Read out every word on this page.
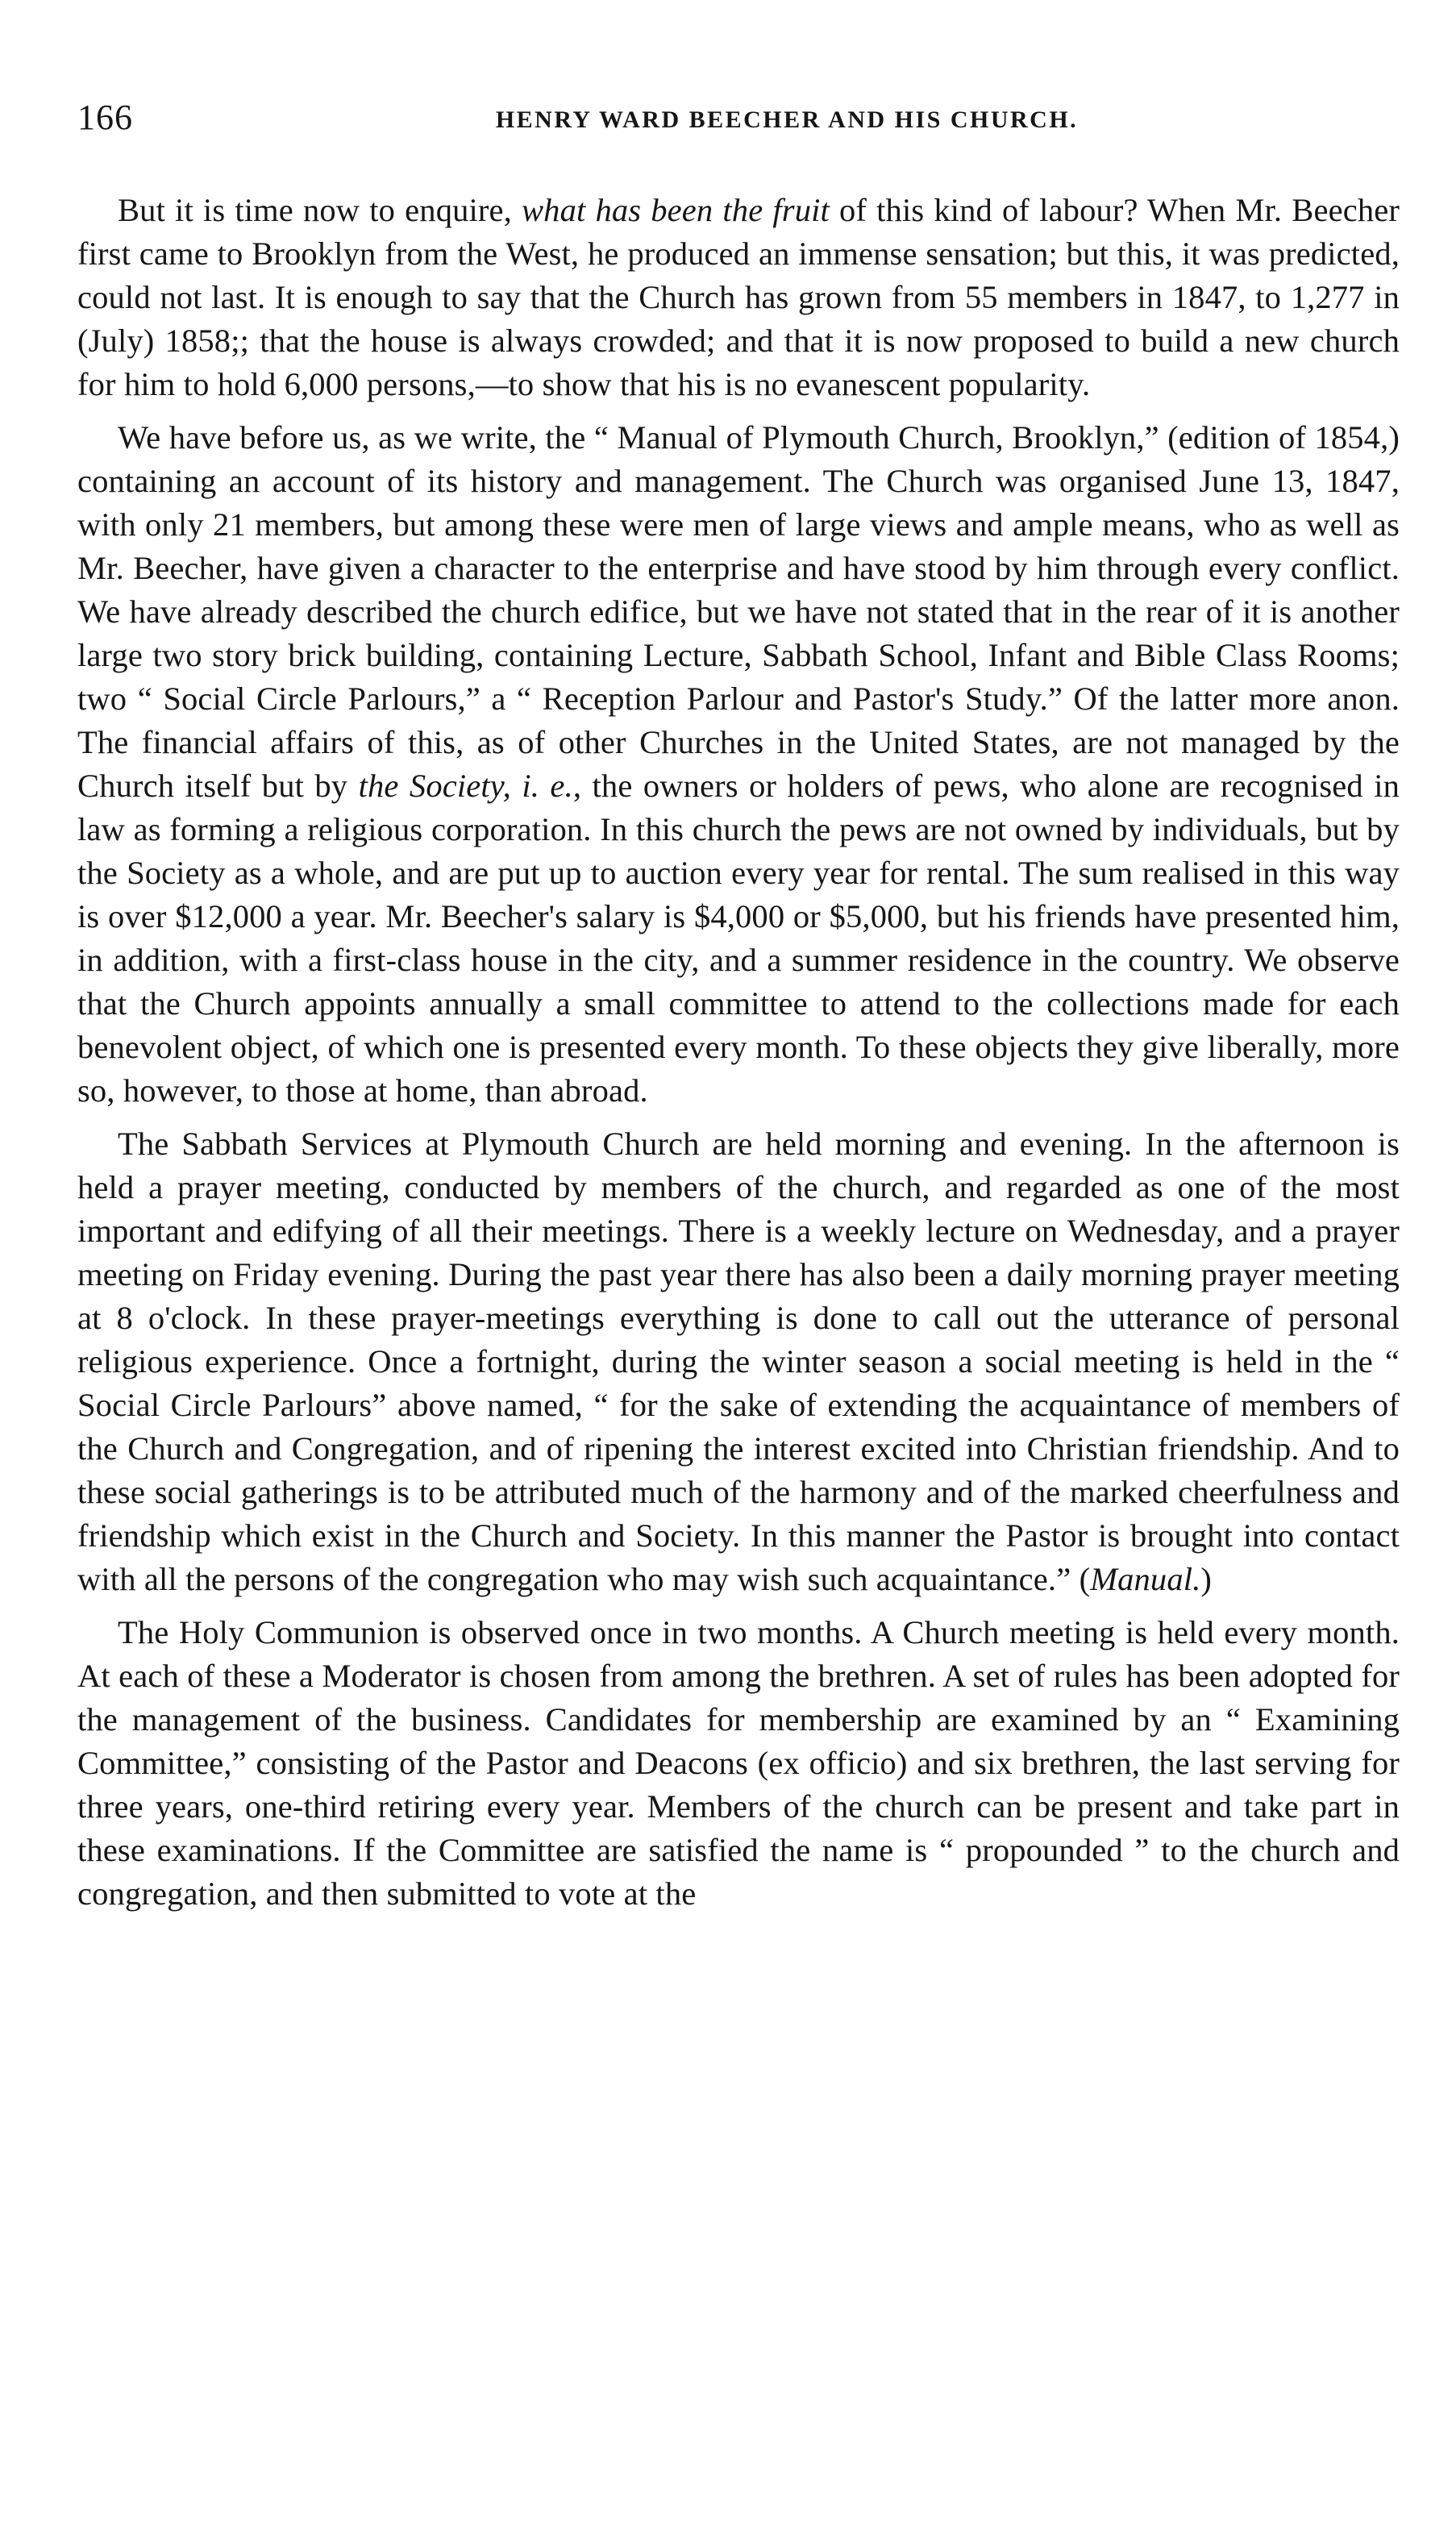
166	HENRY WARD BEECHER AND HIS CHURCH.

But it is time now to enquire, what has been the fruit of this kind of labour? When Mr. Beecher first came to Brooklyn from the West, he produced an immense sensation; but this, it was predicted, could not last. It is enough to say that the Church has grown from 55 members in 1847, to 1,277 in (July) 1858;; that the house is always crowded; and that it is now proposed to build a new church for him to hold 6,000 persons,—to show that his is no evanescent popularity.

We have before us, as we write, the “ Manual of Plymouth Church, Brooklyn,” (edition of 1854,) containing an account of its history and management. The Church was organised June 13, 1847, with only 21 members, but among these were men of large views and ample means, who as well as Mr. Beecher, have given a character to the enterprise and have stood by him through every conflict. We have already described the church edifice, but we have not stated that in the rear of it is another large two story brick building, containing Lecture, Sabbath School, Infant and Bible Class Rooms; two “ Social Circle Parlours,” a “ Reception Parlour and Pastor's Study.” Of the latter more anon. The financial affairs of this, as of other Churches in the United States, are not managed by the Church itself but by the Society, i. e., the owners or holders of pews, who alone are recognised in law as forming a religious corporation. In this church the pews are not owned by individuals, but by the Society as a whole, and are put up to auction every year for rental. The sum realised in this way is over $12,000 a year. Mr. Beecher's salary is $4,000 or $5,000, but his friends have presented him, in addition, with a first-class house in the city, and a summer residence in the country. We observe that the Church appoints annually a small committee to attend to the collections made for each benevolent object, of which one is presented every month. To these objects they give liberally, more so, however, to those at home, than abroad.

The Sabbath Services at Plymouth Church are held morning and evening. In the afternoon is held a prayer meeting, conducted by members of the church, and regarded as one of the most important and edifying of all their meetings. There is a weekly lecture on Wednesday, and a prayer meeting on Friday evening. During the past year there has also been a daily morning prayer meeting at 8 o'clock. In these prayer-meetings everything is done to call out the utterance of personal religious experience. Once a fortnight, during the winter season a social meeting is held in the “ Social Circle Parlours” above named, “ for the sake of extending the acquaintance of members of the Church and Congregation, and of ripening the interest excited into Christian friendship. And to these social gatherings is to be attributed much of the harmony and of the marked cheerfulness and friendship which exist in the Church and Society. In this manner the Pastor is brought into contact with all the persons of the congregation who may wish such acquaintance.” (Manual.)

The Holy Communion is observed once in two months. A Church meeting is held every month. At each of these a Moderator is chosen from among the brethren. A set of rules has been adopted for the management of the business. Candidates for membership are examined by an “ Examining Committee,” consisting of the Pastor and Deacons (ex officio) and six brethren, the last serving for three years, one-third retiring every year. Members of the church can be present and take part in these examinations. If the Committee are satisfied the name is “ propounded ” to the church and congregation, and then submitted to vote at the
